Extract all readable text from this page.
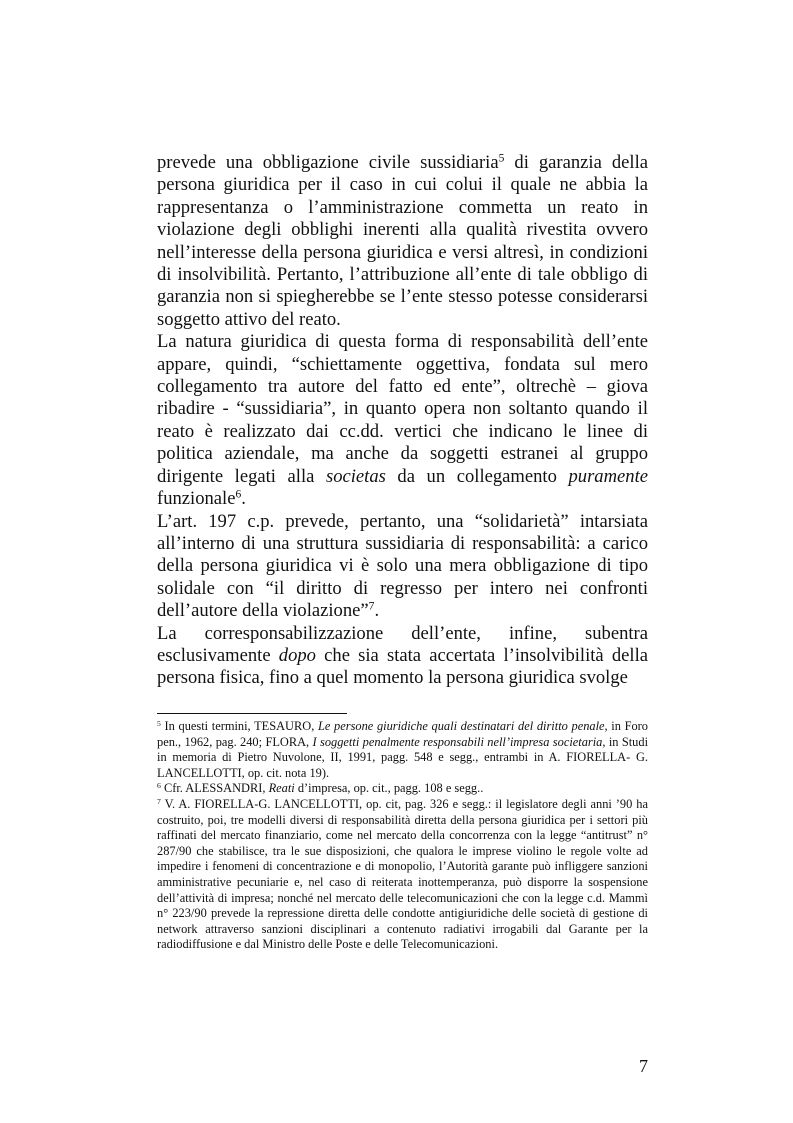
prevede una obbligazione civile sussidiaria$^5$ di garanzia della persona giuridica per il caso in cui colui il quale ne abbia la rappresentanza o l’amministrazione commetta un reato in violazione degli obblighi inerenti alla qualità rivestita ovvero nell’interesse della persona giuridica e versi altresì, in condizioni di insolvibilità. Pertanto, l’attribuzione all’ente di tale obbligo di garanzia non si spiegherebbe se l’ente stesso potesse considerarsi soggetto attivo del reato.

La natura giuridica di questa forma di responsabilità dell’ente appare, quindi, “schiettamente oggettiva, fondata sul mero collegamento tra autore del fatto ed ente”, oltrechè – giova ribadire - “sussidiaria”, in quanto opera non soltanto quando il reato è realizzato dai cc.dd. vertici che indicano le linee di politica aziendale, ma anche da soggetti estranei al gruppo dirigente legati alla societas da un collegamento puramente funzionale$^6$.

L’art. 197 c.p. prevede, pertanto, una “solidarietà” intarsiata all’interno di una struttura sussidiaria di responsabilità: a carico della persona giuridica vi è solo una mera obbligazione di tipo solidale con “il diritto di regresso per intero nei confronti dell’autore della violazione”$^7$.

La corresponsabilizzazione dell’ente, infine, subentra esclusivamente dopo che sia stata accertata l’insolvibilità della persona fisica, fino a quel momento la persona giuridica svolge

$^5$ In questi termini, TESAURO, Le persone giuridiche quali destinatari del diritto penale, in Foro pen., 1962, pag. 240; FLORA, I soggetti penalmente responsabili nell’impresa societaria, in Studi in memoria di Pietro Nuvolone, II, 1991, pagg. 548 e segg., entrambi in A. FIORELLA- G. LANCELLOTTI, op. cit. nota 19).

$^6$ Cfr. ALESSANDRI, Reati d’impresa, op. cit., pagg. 108 e segg..

$^7$ V. A. FIORELLA-G. LANCELLOTTI, op. cit, pag. 326 e segg.: il legislatore degli anni ’90 ha costruito, poi, tre modelli diversi di responsabilità diretta della persona giuridica per i settori più raffinati del mercato finanziario, come nel mercato della concorrenza con la legge “antitrust” n° 287/90 che stabilisce, tra le sue disposizioni, che qualora le imprese violino le regole volte ad impedire i fenomeni di concentrazione e di monopolio, l’Autorità garante può infliggere sanzioni amministrative pecuniarie e, nel caso di reiterata inottemperanza, può disporre la sospensione dell’attività di impresa; nonché nel mercato delle telecomunicazioni che con la legge c.d. Mammì n° 223/90 prevede la repressione diretta delle condotte antigiuridiche delle società di gestione di network attraverso sanzioni disciplinari a contenuto radiativi irrogabili dal Garante per la radiodiffusione e dal Ministro delle Poste e delle Telecomunicazioni.

7
